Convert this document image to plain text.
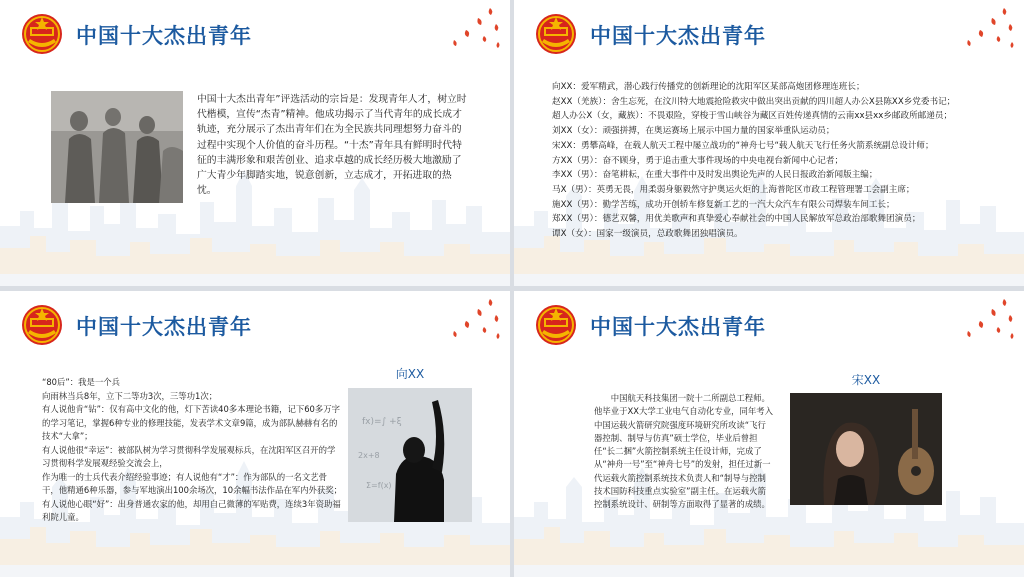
中国十大杰出青年
中国十大杰出青年”评选活动的宗旨是：发现青年人才，树立时代楷模，宣传“杰青”精神。他成功揭示了当代青年的成长成才轨迹，充分展示了杰出青年们在为全民族共同理想努力奋斗的过程中实现个人价值的奋斗历程。“十杰”青年具有鲜明时代特征的丰满形象和艰苦创业、追求卓越的成长经历极大地激励了广大青少年脚踏实地，锐意创新，立志成才，开拓进取的热忱。
中国十大杰出青年

向XX：爱军精武，潜心践行传播党的创新理论的沈阳军区某部高炮团修理连班长；

赵XX（羌族）：舍生忘死，在汶川特大地震抢险救灾中做出突出贡献的四川超人办公X县陈XX乡党委书记；

超人办公X（女，藏族）：不畏艰险，穿梭于雪山峡谷为藏区百姓传递真情的云南xx县xx乡邮政所邮递员；

刘XX（女）：顽强拼搏，在奥运赛场上展示中国力量的国家举重队运动员；

宋XX：勇攀高峰，在载人航天工程中屡立战功的“神舟七号“载人航天飞行任务火箭系统副总设计师；

方XX（男）：奋不顾身，勇于追击重大事件现场的中央电视台新闻中心记者；

李XX（男）：奋笔耕耘，在重大事件中及时发出舆论先声的人民日报政治新闻版主编；

马X（男）：英勇无畏，用柔弱身躯毅然守护奥运火炬的上海普陀区市政工程管理署工会副主席；

施XX（男）：勤学苦练，成功开创轿车修复新工艺的一汽大众汽车有限公司焊装车间工长；

郑XX（男）：德艺双馨，用优美歌声和真挚爱心奉献社会的中国人民解放军总政治部歌舞团演员；

谭X（女）：国家一级演员，总政歌舞团独唱演员。

中国十大杰出青年
向XX

“80后”：我是一个兵

向雨林当兵8年，立下二等功3次，三等功1次；

有人说他肯“钻”：仅有高中文化的他，灯下苦读40多本理论书籍，记下60多万字的学习笔记，掌握6种专业的修理技能，发表学术文章9篇，成为部队赫赫有名的技术“大拿”；

有人说他很“幸运”：被部队树为学习贯彻科学发展观标兵，在沈阳军区召开的学习贯彻科学发展观经验交流会上，

作为唯一的士兵代表介绍经验事迹；有人说他有“才”：作为部队的一名文艺骨干，他精通6种乐器，参与军地演出100余场次，10余幅书法作品在军内外获奖；有人说他心眼“好”：出身普通农家的他，却用自己微薄的军贴费，连续3年资助福利院儿童。

fx)=∫ +ξ
2x+8
Σ=f(x)
中国十大杰出青年
宋XX
中国航天科技集团一院十二所副总工程师。他毕业于XX大学工业电气自动化专业，同年考入中国运载火箭研究院强度环境研究所攻读“飞行器控制、制导与仿真”硕士学位，毕业后曾担任“长二捆”火箭控制系统主任设计师，完成了从“神舟一号”至“神舟七号”的发射，担任过新一代运载火箭控制系统技术负责人和“制导与控制技术国防科技重点实验室”副主任。在运载火箭控制系统设计、研制等方面取得了显著的成绩。
